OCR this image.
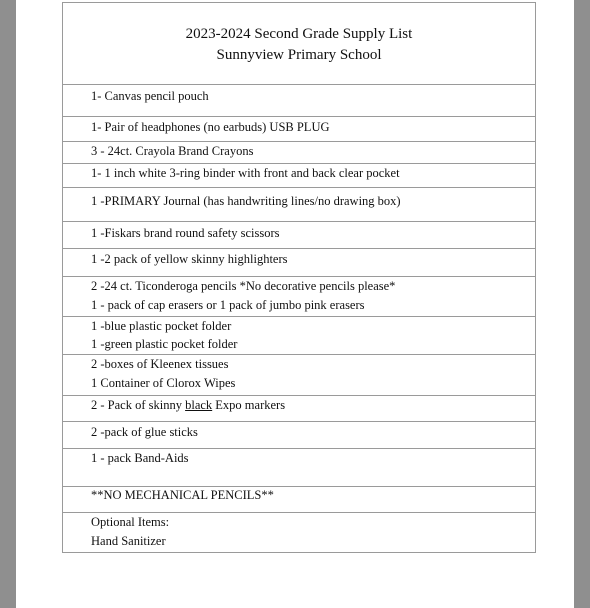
2023-2024 Second Grade Supply List
Sunnyview Primary School
1- Canvas pencil pouch
1- Pair of headphones (no earbuds) USB PLUG
3 - 24ct. Crayola Brand Crayons
1- 1 inch white 3-ring binder with front and back clear pocket
1 -PRIMARY Journal (has handwriting lines/no drawing box)
1 -Fiskars brand round safety scissors
1 -2 pack of yellow skinny highlighters
2 -24 ct. Ticonderoga pencils *No decorative pencils please*
1 - pack of cap erasers or 1 pack of jumbo pink erasers
1 -blue plastic pocket folder
1 -green plastic pocket folder
2 -boxes of Kleenex tissues
1 Container of Clorox Wipes
2 - Pack of skinny black Expo markers
2 -pack of glue sticks
1 - pack Band-Aids
**NO MECHANICAL PENCILS**
Optional Items:
Hand Sanitizer
